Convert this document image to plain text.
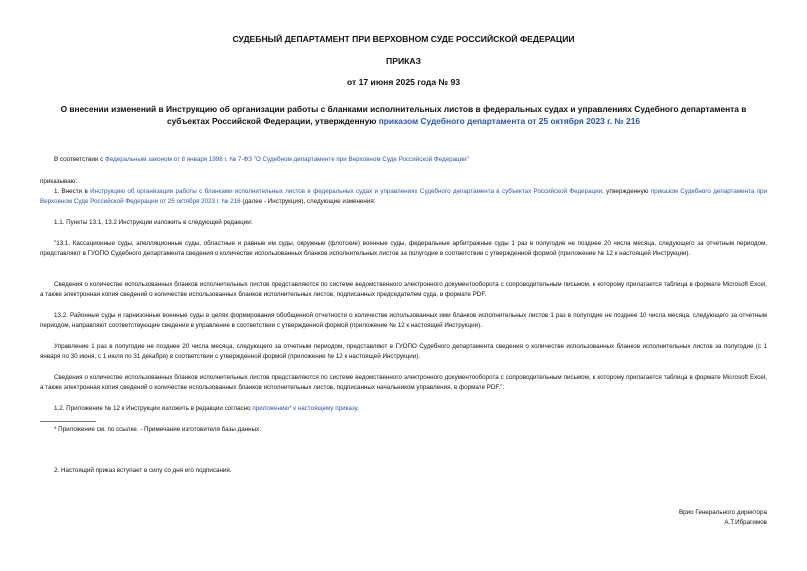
СУДЕБНЫЙ ДЕПАРТАМЕНТ ПРИ ВЕРХОВНОМ СУДЕ РОССИЙСКОЙ ФЕДЕРАЦИИ
ПРИКАЗ
от 17 июня 2025 года № 93
О внесении изменений в Инструкцию об организации работы с бланками исполнительных листов в федеральных судах и управлениях Судебного департамента в субъектах Российской Федерации, утвержденную приказом Судебного департамента от 25 октября 2023 г. № 216
В соответствии с Федеральным законом от 8 января 1998 г. № 7-ФЗ "О Судебном департаменте при Верховном Суде Российской Федерации"
приказываю:
1. Внести в Инструкцию об организации работы с бланками исполнительных листов в федеральных судах и управлениях Судебного департамента в субъектах Российской Федерации, утвержденную приказом Судебного департамента при Верховном Суде Российской Федерации от 25 октября 2023 г. № 216 (далее - Инструкция), следующие изменения:
1.1. Пункты 13.1, 13.2 Инструкции изложить в следующей редакции:
"13.1. Кассационные суды, апелляционные суды, областные и равные им суды, окружные (флотские) военные суды, федеральные арбитражные суды 1 раз в полугодие не позднее 20 числа месяца, следующего за отчетным периодом, представляют в ГУОПО Судебного департамента сведения о количестве использованных бланков исполнительных листов за полугодие в соответствии с утвержденной формой (приложение № 12 к настоящей Инструкции).
Сведения о количестве использованных бланков исполнительных листов представляются по системе ведомственного электронного документооборота с сопроводительным письмом, к которому прилагается таблица в формате Microsoft Excel, а также электронная копия сведений о количестве использованных бланков исполнительных листов, подписанных председателем суда, в формате PDF.
13.2. Районные суды и гарнизонные военные суды в целях формирования обобщенной отчетности о количестве использованных ими бланков исполнительных листов 1 раз в полугодие не позднее 10 числа месяца, следующего за отчетным периодом, направляют соответствующие сведения в управление в соответствии с утвержденной формой (приложение № 12 к настоящей Инструкции).
Управление 1 раз в полугодие не позднее 20 числа месяца, следующего за отчетным периодом, представляют в ГУОПО Судебного департамента сведения о количестве использованных бланков исполнительных листов за полугодие (с 1 января по 30 июня, с 1 июля по 31 декабря) в соответствии с утвержденной формой (приложение № 12 к настоящей Инструкции).
Сведения о количестве использованных бланков исполнительных листов представляются по системе ведомственного электронного документооборота с сопроводительным письмом, к которому прилагается таблица в формате Microsoft Excel, а также электронная копия сведений о количестве использованных бланков исполнительных листов, подписанных начальником управления, в формате PDF.".
1.2. Приложение № 12 к Инструкции изложить в редакции согласно приложению* к настоящему приказу.
* Приложение см. по ссылке. - Примечание изготовителя базы данных.
2. Настоящий приказ вступает в силу со дня его подписания.
Врио Генерального директора
А.Т.Ибрагимов
